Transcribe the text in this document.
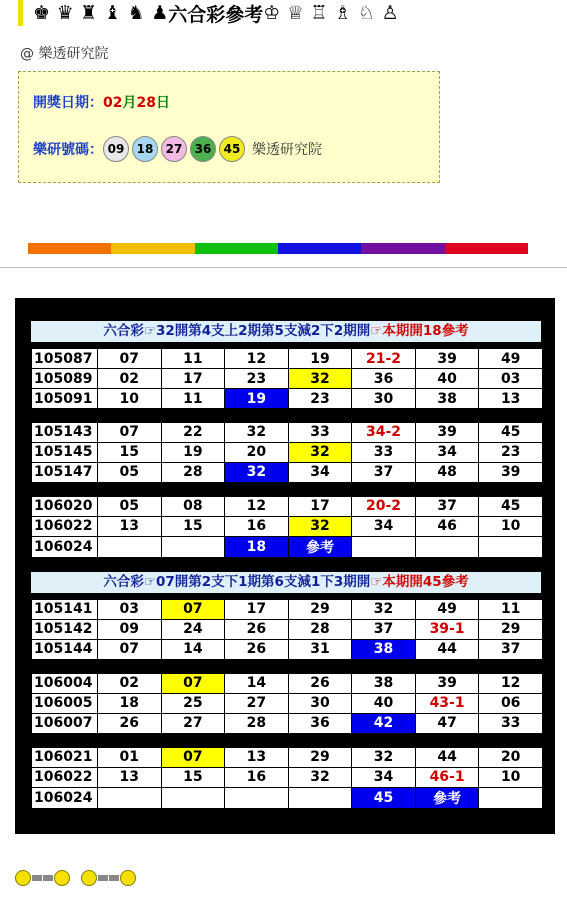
♚ ♛ ♜ ♝ ♞ ♟ 六合彩參考 ♔ ♕ ♖ ♗ ♘ ♙
@ 樂透研究院
開獎日期：02月28日
樂研號碼： 09	18	27	36	45 樂透研究院
六合彩☞32開第4支上2期第5支減2下2期開☞本期開18參考
105087	07	11	12	19	21-2	39	49
105089	02	17	23	32	36	40	03
105091	10	11	19	23	30	38	13
105143	07	22	32	33	34-2	39	45
105145	15	19	20	32	33	34	23
105147	05	28	32	34	37	48	39
106020	05	08	12	17	20-2	37	45
106022	13	15	16	32	34	46	10
106024			18	參考			
六合彩☞07開第2支下1期第6支減1下3期開☞本期開45參考
105141	03	07	17	29	32	49	11
105142	09	24	26	28	37	39-1	29
105144	07	14	26	31	38	44	37
106004	02	07	14	26	38	39	12
106005	18	25	27	30	40	43-1	06
106007	26	27	28	36	42	47	33
106021	01	07	13	29	32	44	20
106022	13	15	16	32	34	46-1	10
106024					45	參考	
